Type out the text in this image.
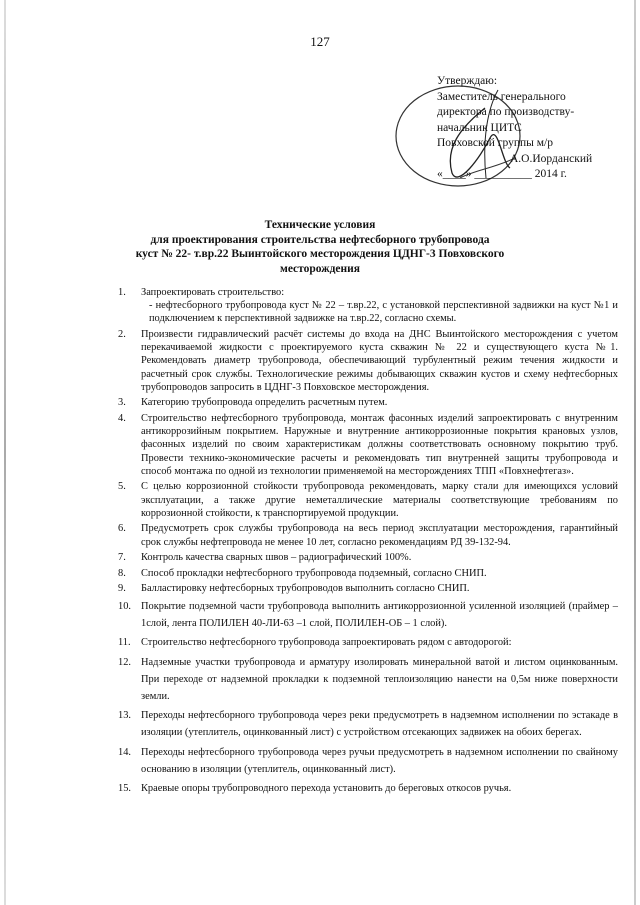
127
Утверждаю:
Заместитель генерального
директора по производству-
начальник ЦИТС
Повховской группы м/р
А.О.Иорданский
«____» __________ 2014 г.
Технические условия
для проектирования строительства нефтесборного трубопровода
куст № 22- т.вр.22 Выинтойского месторождения ЦДНГ-3 Повховского
месторождения
1. Запроектировать строительство:
- нефтесборного трубопровода куст № 22 – т.вр.22, с установкой перспективной задвижки на куст №1 и подключением к перспективной задвижке на т.вр.22, согласно схемы.
2. Произвести гидравлический расчёт системы до входа на ДНС Выинтойского месторождения с учетом перекачиваемой жидкости с проектируемого куста скважин № 22 и существующего куста №1. Рекомендовать диаметр трубопровода, обеспечивающий турбулентный режим течения жидкости и расчетный срок службы. Технологические режимы добывающих скважин кустов и схему нефтесборных трубопроводов запросить в ЦДНГ-3 Повховское месторождения.
3. Категорию трубопровода определить расчетным путем.
4. Строительство нефтесборного трубопровода, монтаж фасонных изделий запроектировать с внутренним антикоррозийным покрытием. Наружные и внутренние антикоррозионные покрытия крановых узлов, фасонных изделий по своим характеристикам должны соответствовать основному покрытию труб. Провести технико-экономические расчеты и рекомендовать тип внутренней защиты трубопровода и способ монтажа по одной из технологии применяемой на месторождениях ТПП «Повхнефтегаз».
5. С целью коррозионной стойкости трубопровода рекомендовать, марку стали для имеющихся условий эксплуатации, а также другие неметаллические материалы соответствующие требованиям по коррозионной стойкости, к транспортируемой продукции.
6. Предусмотреть срок службы трубопровода на весь период эксплуатации месторождения, гарантийный срок службы нефтепровода не менее 10 лет, согласно рекомендациям РД 39-132-94.
7. Контроль качества сварных швов – радиографический 100%.
8. Способ прокладки нефтесборного трубопровода подземный, согласно СНИП.
9. Балластировку нефтесборных трубопроводов выполнить согласно СНИП.
10. Покрытие подземной части трубопровода выполнить антикоррозионной усиленной изоляцией (праймер –1слой, лента ПОЛИЛЕН 40-ЛИ-63 –1 слой, ПОЛИЛЕН-ОБ – 1 слой).
11. Строительство нефтесборного трубопровода запроектировать рядом с автодорогой:
12. Надземные участки трубопровода и арматуру изолировать минеральной ватой и листом оцинкованным. При переходе от надземной прокладки к подземной теплоизоляцию нанести на 0,5м ниже поверхности земли.
13. Переходы нефтесборного трубопровода через реки предусмотреть в надземном исполнении по эстакаде в изоляции (утеплитель, оцинкованный лист) с устройством отсекающих задвижек на обоих берегах.
14. Переходы нефтесборного трубопровода через ручьи предусмотреть в надземном исполнении по свайному основанию в изоляции (утеплитель, оцинкованный лист).
15. Краевые опоры трубопроводного перехода установить до береговых откосов ручья.
